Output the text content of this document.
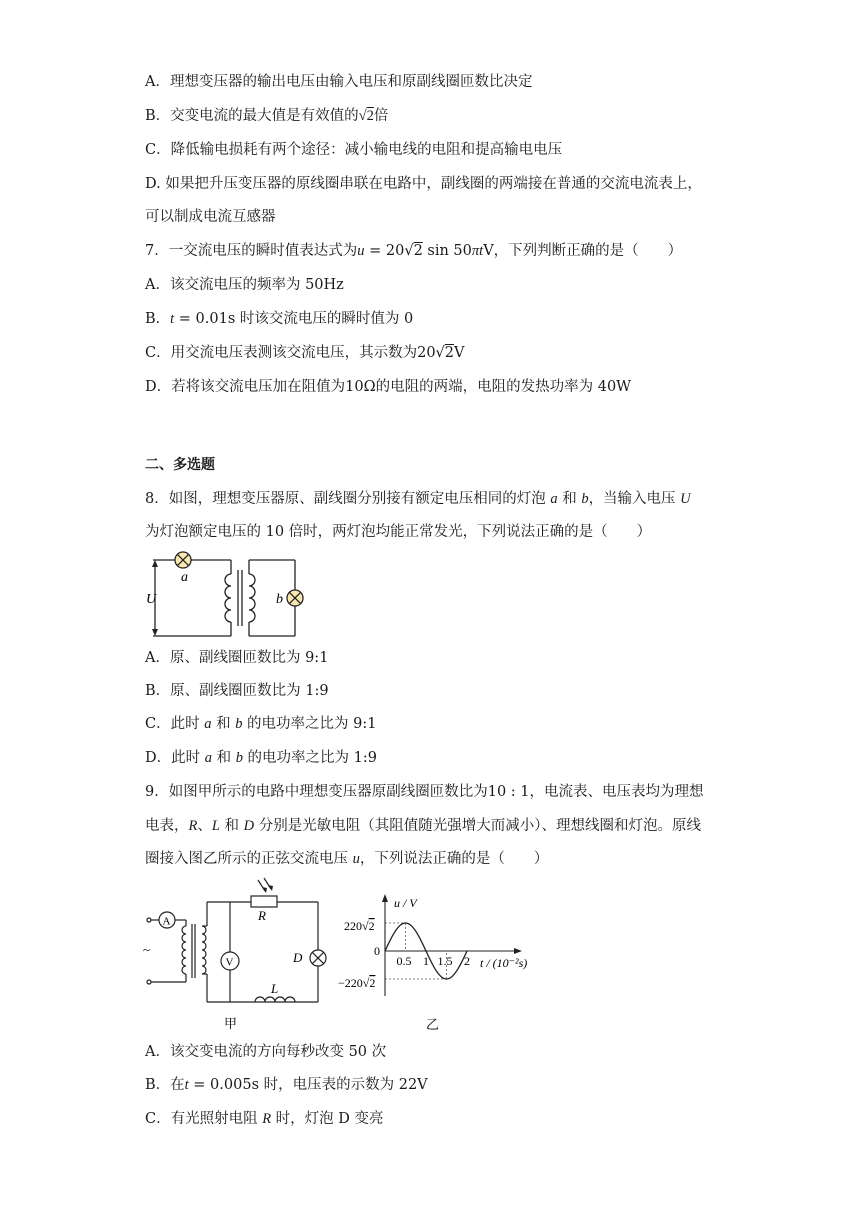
A．理想变压器的输出电压由输入电压和原副线圈匝数比决定
B．交变电流的最大值是有效值的√2倍
C．降低输电损耗有两个途径：减小输电线的电阻和提高输电电压
D. 如果把升压变压器的原线圈串联在电路中，副线圈的两端接在普通的交流电流表上，
可以制成电流互感器
7．一交流电压的瞬时值表达式为u = 20√2 sin 50πtV，下列判断正确的是（　　）
A．该交流电压的频率为 50Hz
B．t = 0.01s 时该交流电压的瞬时值为 0
C．用交流电压表测该交流电压，其示数为20√2V
D．若将该交流电压加在阻值为10Ω的电阻的两端，电阻的发热功率为 40W
二、多选题
8．如图，理想变压器原、副线圈分别接有额定电压相同的灯泡 a 和 b，当输入电压 U
为灯泡额定电压的 10 倍时，两灯泡均能正常发光，下列说法正确的是（　　）
a
b
U
A．原、副线圈匝数比为 9:1
B．原、副线圈匝数比为 1:9
C．此时 a 和 b 的电功率之比为 9:1
D．此时 a 和 b 的电功率之比为 1:9
9．如图甲所示的电路中理想变压器原副线圈匝数比为10 : 1，电流表、电压表均为理想
电表，R、L 和 D 分别是光敏电阻（其阻值随光强增大而减小）、理想线圈和灯泡。原线
圈接入图乙所示的正弦交流电压 u，下列说法正确的是（　　）
A
V
~
R
D
L
甲
u / V
t / (10⁻²s)
220√2
0
−220√2
0.5 1 1.5 2
乙
A．该交变电流的方向每秒改变 50 次
B．在t = 0.005s 时，电压表的示数为 22V
C．有光照射电阻 R 时，灯泡 D 变亮
